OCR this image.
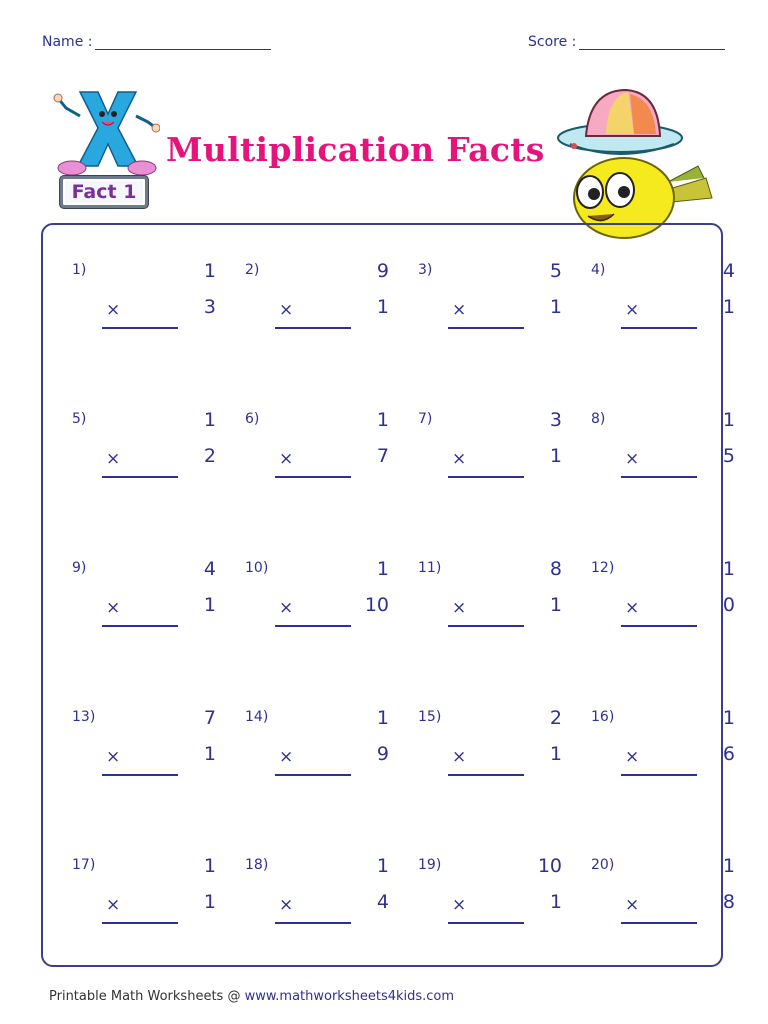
Name :	Score :
Fact 1
Multiplication Facts
1)	1
×	3
2)	9
×	1
3)	5
×	1
4)	4
×	1
5)	1
×	2
6)	1
×	7
7)	3
×	1
8)	1
×	5
9)	4
×	1
10)	1
×	10
11)	8
×	1
12)	1
×	0
13)	7
×	1
14)	1
×	9
15)	2
×	1
16)	1
×	6
17)	1
×	1
18)	1
×	4
19)	10
×	1
20)	1
×	8
Printable Math Worksheets @ www.mathworksheets4kids.com
